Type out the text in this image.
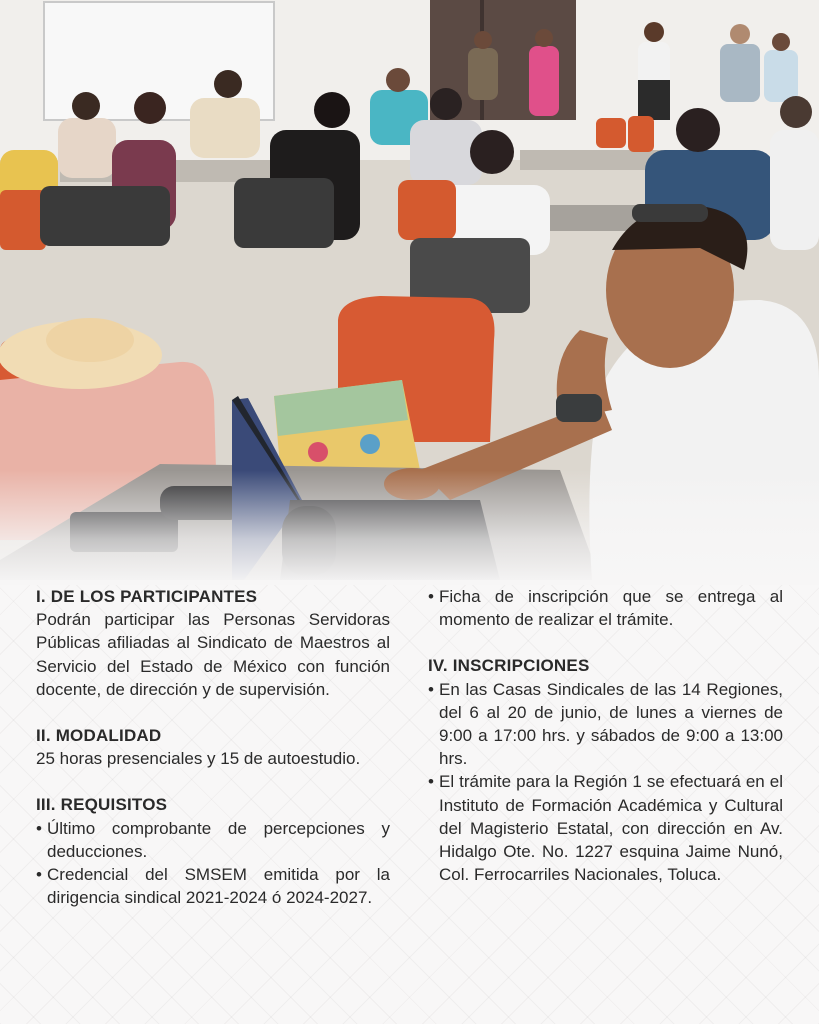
I. DE LOS PARTICIPANTES

Podrán participar las Personas Servidoras Públicas afiliadas al Sindicato de Maestros al Servicio del Estado de México con función docente, de dirección y de supervisión.

II. MODALIDAD

25 horas presenciales y 15 de autoestudio.

III. REQUISITOS
• Último comprobante de percepciones y deducciones.
• Credencial del SMSEM emitida por la dirigencia sindical 2021-2024 ó 2024-2027.
• Ficha de inscripción que se entrega al momento de realizar el trámite.
IV. INSCRIPCIONES
• En las Casas Sindicales de las 14 Regiones, del 6 al 20 de junio, de lunes a viernes de 9:00 a 17:00 hrs. y sábados de 9:00 a 13:00 hrs.
• El trámite para la Región 1 se efectuará en el Instituto de Formación Académica y Cultural del Magisterio Estatal, con dirección en Av. Hidalgo Ote. No. 1227 esquina Jaime Nunó, Col. Ferrocarriles Nacionales, Toluca.
